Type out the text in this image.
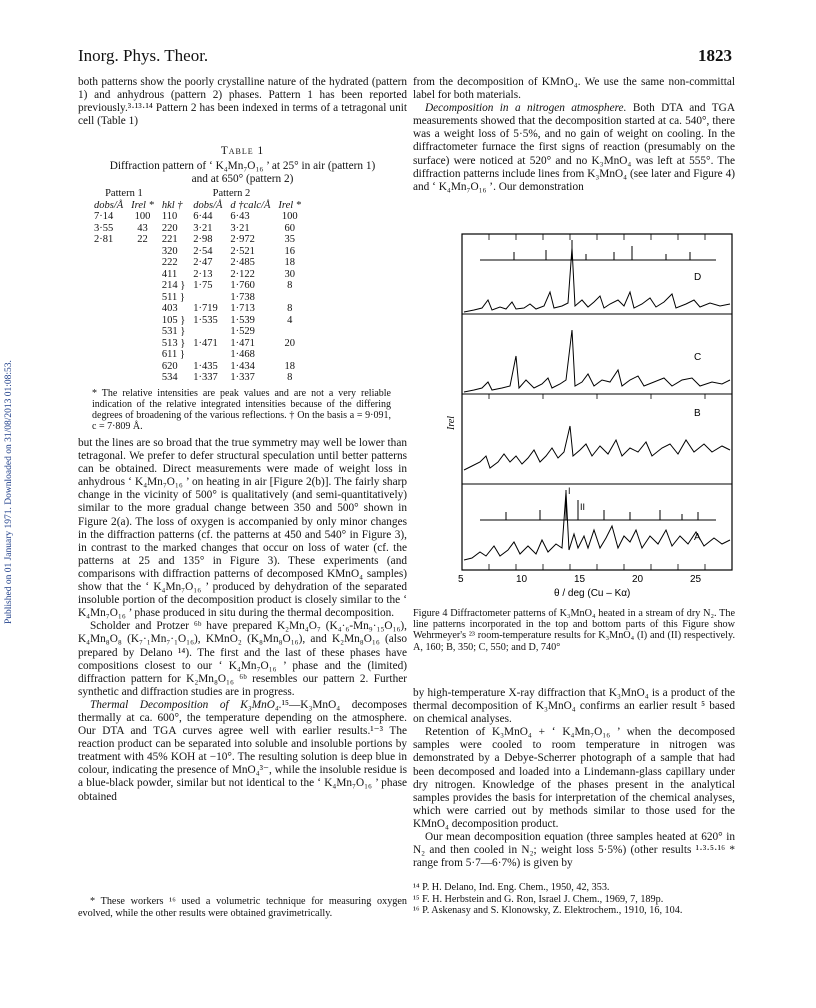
Inorg. Phys. Theor.	1823
Published on 01 January 1971. Downloaded on 31/08/2013 01:08:53.

both patterns show the poorly crystalline nature of the hydrated (pattern 1) and anhydrous (pattern 2) phases. Pattern 1 has been reported previously.³·¹³·¹⁴ Pattern 2 has been indexed in terms of a tetragonal unit cell (Table 1)

Table 1
Diffraction pattern of ‘ K₄Mn₇O₁₆ ’ at 25° in air (pattern 1) and at 650° (pattern 2)
Pattern 1		Pattern 2			
dobs/Å	Irel *	hkl †	dobs/Å	d †calc/Å	Irel *
7·14	100	110	6·44	6·43	100
3·55	43	220	3·21	3·21	60
2·81	22	221	2·98	2·972	35
		320	2·54	2·521	16
		222	2·47	2·485	18
		411	2·13	2·122	30
		214 }	1·75	1·760	8
		511 }		1·738	
		403	1·719	1·713	8
		105 }	1·535	1·539	4
		531 }		1·529	
		513 }	1·471	1·471	20
		611 }		1·468	
		620	1·435	1·434	18
		534	1·337	1·337	8
* The relative intensities are peak values and are not a very reliable indication of the relative integrated intensities because of the differing degrees of broadening of the various reflections. † On the basis a = 9·091, c = 7·809 Å.

but the lines are so broad that the true symmetry may well be lower than tetragonal. We prefer to defer structural speculation until better patterns can be obtained. Direct measurements were made of weight loss in anhydrous ‘ K₄Mn₇O₁₆ ’ on heating in air [Figure 2(b)]. The fairly sharp change in the vicinity of 500° is qualitatively (and semi-quantitatively) similar to the more gradual change between 350 and 500° shown in Figure 2(a). The loss of oxygen is accompanied by only minor changes in the diffraction patterns (cf. the patterns at 450 and 540° in Figure 3), in contrast to the marked changes that occur on loss of water (cf. the patterns at 25 and 135° in Figure 3). These experiments (and comparisons with diffraction patterns of decomposed KMnO₄ samples) show that the ‘ K₄Mn₇O₁₆ ’ produced by dehydration of the separated insoluble portion of the decomposition product is closely similar to the ‘ K₄Mn₇O₁₆ ’ phase produced in situ during the thermal decomposition.

Scholder and Protzer ⁶ᵇ have prepared K₂Mn₄O₇ (K₄·₆-Mn₉·₁₅O₁₆), K₄Mn₈O₈ (K₇·₁Mn₇·₁O₁₆), KMnO₂ (K₈Mn₈O₁₆), and K₂Mn₈O₁₆ (also prepared by Delano ¹⁴). The first and the last of these phases have compositions closest to our ‘ K₄Mn₇O₁₆ ’ phase and the (limited) diffraction pattern for K₂Mn₈O₁₆ ⁶ᵇ resembles our pattern 2. Further synthetic and diffraction studies are in progress.

Thermal Decomposition of K₃MnO₄.¹⁵—K₃MnO₄ decomposes thermally at ca. 600°, the temperature depending on the atmosphere. Our DTA and TGA curves agree well with earlier results.¹⁻³ The reaction product can be separated into soluble and insoluble portions by treatment with 45% KOH at −10°. The resulting solution is deep blue in colour, indicating the presence of MnO₄³⁻, while the insoluble residue is a blue-black powder, similar but not identical to the ‘ K₄Mn₇O₁₆ ’ phase obtained

* These workers ¹⁶ used a volumetric technique for measuring oxygen evolved, while the other results were obtained gravimetrically.

from the decomposition of KMnO₄. We use the same non-committal label for both materials.

Decomposition in a nitrogen atmosphere. Both DTA and TGA measurements showed that the decomposition started at ca. 540°, there was a weight loss of 5·5%, and no gain of weight on cooling. In the diffractometer furnace the first signs of reaction (presumably on the surface) were noticed at 520° and no K₃MnO₄ was left at 555°. The diffraction patterns include lines from K₃MnO₄ (see later and Figure 4) and ‘ K₄Mn₇O₁₆ ’. Our demonstration

D
C
B
I
II
A
Irel
5	10	15	20	25
θ / deg (Cu – Kα)
Figure 4 Diffractometer patterns of K₃MnO₄ heated in a stream of dry N₂. The line patterns incorporated in the top and bottom parts of this Figure show Wehrmeyer's ²³ room-temperature results for K₃MnO₄ (I) and (II) respectively. A, 160; B, 350; C, 550; and D, 740°

by high-temperature X-ray diffraction that K₃MnO₄ is a product of the thermal decomposition of K₃MnO₄ confirms an earlier result ⁵ based on chemical analyses.

Retention of K₃MnO₄ + ‘ K₄Mn₇O₁₆ ’ when the decomposed samples were cooled to room temperature in nitrogen was demonstrated by a Debye-Scherrer photograph of a sample that had been decomposed and loaded into a Lindemann-glass capillary under dry nitrogen. Knowledge of the phases present in the analytical samples provides the basis for interpretation of the chemical analyses, which were carried out by methods similar to those used for the KMnO₄ decomposition product.

Our mean decomposition equation (three samples heated at 620° in N₂ and then cooled in N₂; weight loss 5·5%) (other results ¹·³·⁵·¹⁶ * range from 5·7—6·7%) is given by

¹⁴ P. H. Delano, Ind. Eng. Chem., 1950, 42, 353.

¹⁵ F. H. Herbstein and G. Ron, Israel J. Chem., 1969, 7, 189p.

¹⁶ P. Askenasy and S. Klonowsky, Z. Elektrochem., 1910, 16, 104.
